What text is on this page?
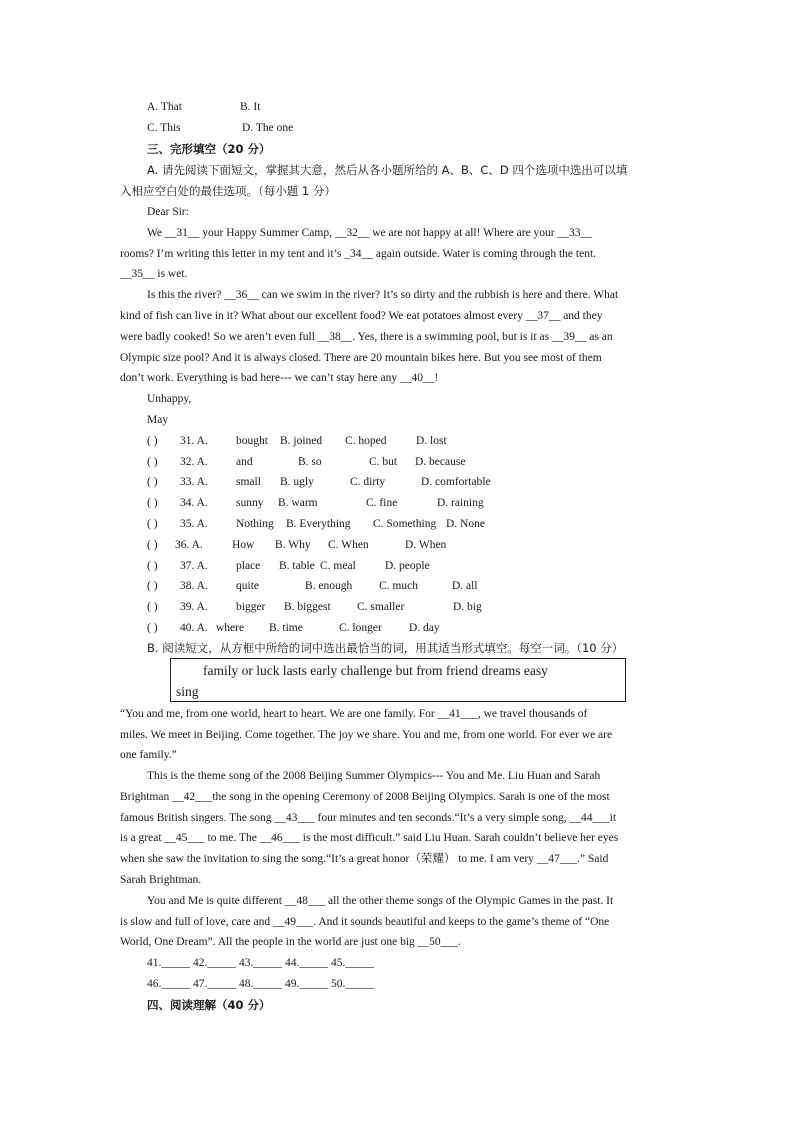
A. That	B. It
C. This	D. The one
三、完形填空（20 分）
A. 请先阅读下面短文，掌握其大意，然后从各小题所给的 A、B、C、D 四个选项中选出可以填
入相应空白处的最佳选项。（每小题 1 分）
Dear Sir:
We __31__ your Happy Summer Camp, __32__ we are not happy at all! Where are your __33__
rooms? I’m writing this letter in my tent and it’s _34__ again outside. Water is coming through the tent.
__35__ is wet.
Is this the river? __36__ can we swim in the river? It’s so dirty and the rubbish is here and there. What
kind of fish can live in it? What about our excellent food? We eat potatoes almost every __37__ and they
were badly cooked! So we aren’t even full __38__. Yes, there is a swimming pool, but is it as __39__ as an
Olympic size pool? And it is always closed. There are 20 mountain bikes here. But you see most of them
don’t work. Everything is bad here--- we can’t stay here any __40__!
Unhappy,
May
( ) 31. A. bought B. joined C. hoped	D. lost
( ) 32. A. and	B. so	C. but D. because
( ) 33. A. small B. ugly	C. dirty	D. comfortable
( ) 34. A. sunny B. warm	C. fine	D. raining
( ) 35. A. Nothing B. Everything C. Something D. None
( ) 36. A.	How B. Why C. When	D. When
( ) 37. A. place B. table C. meal	D. people
( ) 38. A. quite	B. enough C. much	D. all
( ) 39. A. bigger B. biggest C. smaller	D. big
( ) 40. A. where B. time	C. longer D. day
B. 阅读短文，从方框中所给的词中选出最恰当的词，用其适当形式填空。每空一词。（10 分）
family or luck lasts early challenge but from friend dreams easy
sing
“You and me, from one world, heart to heart. We are one family. For __41___, we travel thousands of
miles. We meet in Beijing. Come together. The joy we share. You and me, from one world. For ever we are
one family.”
This is the theme song of the 2008 Beijing Summer Olympics--- You and Me. Liu Huan and Sarah
Brightman __42___the song in the opening Ceremony of 2008 Beijing Olympics. Sarah is one of the most
famous British singers. The song __43___ four minutes and ten seconds.“It’s a very simple song, __44___it
is a great __45___ to me. The __46___ is the most difficult.” said Liu Huan. Sarah couldn’t believe her eyes
when she saw the invitation to sing the song.“It’s a great honor（荣耀） to me. I am very __47___.” Said
Sarah Brightman.
You and Me is quite different __48___ all the other theme songs of the Olympic Games in the past. It
is slow and full of love, care and __49___. And it sounds beautiful and keeps to the game’s theme of “One
World, One Dream”. All the people in the world are just one big __50___.
41._____ 42._____ 43._____ 44._____ 45._____
46._____ 47._____ 48._____ 49._____ 50._____
四、阅读理解（40 分）
